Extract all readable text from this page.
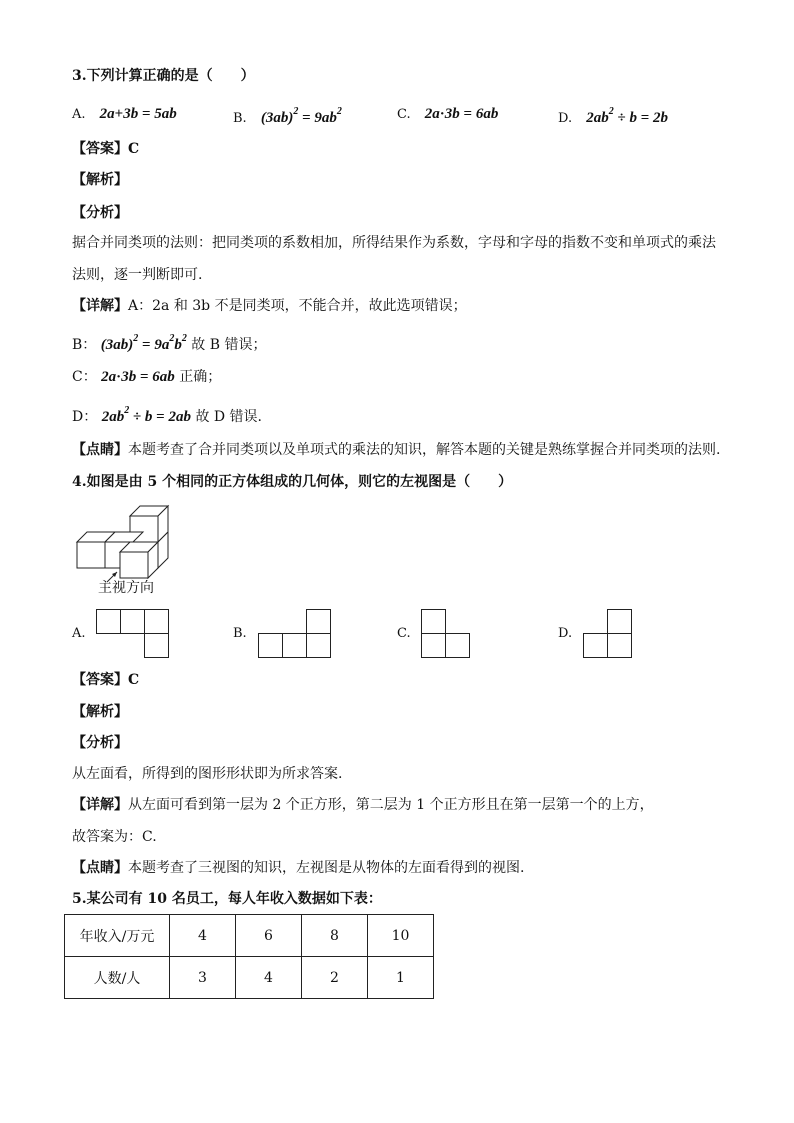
3.下列计算正确的是（　　）
A. 2a+3b = 5ab	B. $(3ab)^2 = 9ab^2$	C. 2a·3b = 6ab	D. $2ab^2 \div b = 2b$
【答案】C
【解析】
【分析】
据合并同类项的法则：把同类项的系数相加，所得结果作为系数，字母和字母的指数不变和单项式的乘法
法则，逐一判断即可.
【详解】A：2a 和 3b 不是同类项，不能合并，故此选项错误；
B： $(3ab)^2 = 9a^2b^2$ 故 B 错误；
C： 2a·3b = 6ab 正确；
D： $2ab^2 \div b = 2ab$ 故 D 错误.
【点睛】本题考查了合并同类项以及单项式的乘法的知识，解答本题的关键是熟练掌握合并同类项的法则.
4.如图是由 5 个相同的正方体组成的几何体，则它的左视图是（　　）
主视方向
A.	B.	C.	D.
【答案】C
【解析】
【分析】
从左面看，所得到的图形形状即为所求答案.
【详解】从左面可看到第一层为 2 个正方形，第二层为 1 个正方形且在第一层第一个的上方，
故答案为：C.
【点睛】本题考查了三视图的知识，左视图是从物体的左面看得到的视图.
5.某公司有 10 名员工，每人年收入数据如下表：
年收入/万元	4	6	8	10
人数/人	3	4	2	1
